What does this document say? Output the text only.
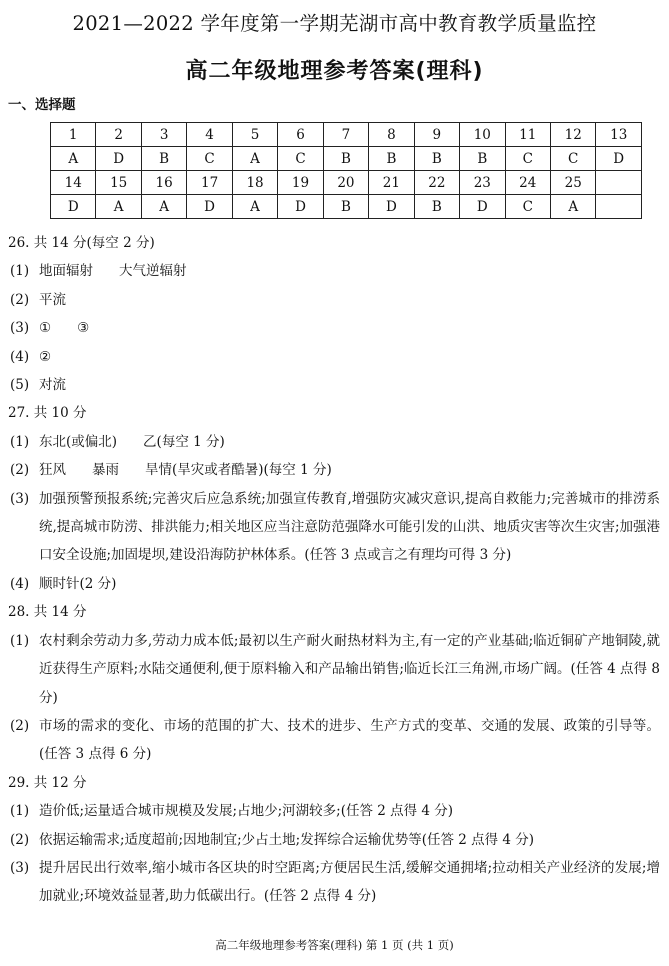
2021—2022 学年度第一学期芜湖市高中教育教学质量监控
高二年级地理参考答案(理科)
一、选择题
1	2	3	4	5	6	7	8	9	10	11	12	13
A	D	B	C	A	C	B	B	B	B	C	C	D
14	15	16	17	18	19	20	21	22	23	24	25	
D	A	A	D	A	D	B	D	B	D	C	A	

26. 共 14 分(每空 2 分)

(1) 地面辐射 大气逆辐射
(2) 平流
(3) ① ③
(4) ②
(5) 对流

27. 共 10 分

(1) 东北(或偏北) 乙(每空 1 分)
(2) 狂风 暴雨 旱情(旱灾或者酷暑)(每空 1 分)
(3) 加强预警预报系统;完善灾后应急系统;加强宣传教育,增强防灾减灾意识,提高自救能力;完善城市的排涝系统,提高城市防涝、排洪能力;相关地区应当注意防范强降水可能引发的山洪、地质灾害等次生灾害;加强港口安全设施;加固堤坝,建设沿海防护林体系。(任答 3 点或言之有理均可得 3 分)
(4) 顺时针(2 分)

28. 共 14 分

(1) 农村剩余劳动力多,劳动力成本低;最初以生产耐火耐热材料为主,有一定的产业基础;临近铜矿产地铜陵,就近获得生产原料;水陆交通便利,便于原料输入和产品输出销售;临近长江三角洲,市场广阔。(任答 4 点得 8 分)
(2) 市场的需求的变化、市场的范围的扩大、技术的进步、生产方式的变革、交通的发展、政策的引导等。(任答 3 点得 6 分)

29. 共 12 分

(1) 造价低;运量适合城市规模及发展;占地少;河湖较多;(任答 2 点得 4 分)
(2) 依据运输需求;适度超前;因地制宜;少占土地;发挥综合运输优势等(任答 2 点得 4 分)
(3) 提升居民出行效率,缩小城市各区块的时空距离;方便居民生活,缓解交通拥堵;拉动相关产业经济的发展;增加就业;环境效益显著,助力低碳出行。(任答 2 点得 4 分)
高二年级地理参考答案(理科) 第 1 页 (共 1 页)
